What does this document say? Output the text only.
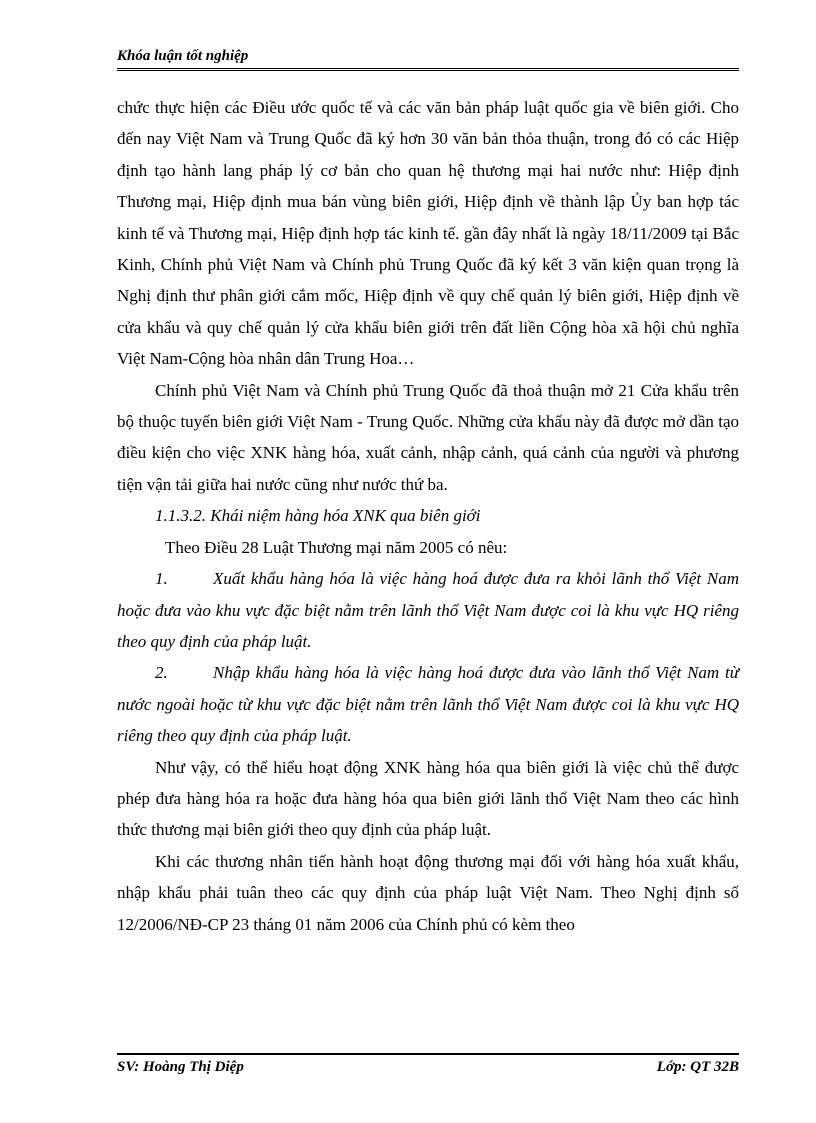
Khóa luận tốt nghiệp

chức thực hiện các Điều ước quốc tế và các văn bản pháp luật quốc gia về biên giới. Cho đến nay Việt Nam và Trung Quốc đã ký hơn 30 văn bản thỏa thuận, trong đó có các Hiệp định tạo hành lang pháp lý cơ bản cho quan hệ thương mại hai nước như: Hiệp định Thương mại, Hiệp định mua bán vùng biên giới, Hiệp định về thành lập Ủy ban hợp tác kinh tế và Thương mại, Hiệp định hợp tác kinh tế. gần đây nhất là ngày 18/11/2009 tại Bắc Kinh, Chính phủ Việt Nam và Chính phủ Trung Quốc đã ký kết 3 văn kiện quan trọng là Nghị định thư phân giới cắm mốc, Hiệp định về quy chế quản lý biên giới, Hiệp định về cửa khẩu và quy chế quản lý cửa khẩu biên giới trên đất liền Cộng hòa xã hội chủ nghĩa Việt Nam-Cộng hòa nhân dân Trung Hoa…

Chính phủ Việt Nam và Chính phủ Trung Quốc đã thoả thuận mở 21 Cửa khẩu trên bộ thuộc tuyến biên giới Việt Nam - Trung Quốc. Những cửa khẩu này đã được mở dần tạo điều kiện cho việc XNK hàng hóa, xuất cảnh, nhập cảnh, quá cảnh của người và phương tiện vận tải giữa hai nước cũng như nước thứ ba.

1.1.3.2. Khái niệm hàng hóa XNK qua biên giới

Theo Điều 28 Luật Thương mại năm 2005 có nêu:

1.	Xuất khẩu hàng hóa là việc hàng hoá được đưa ra khỏi lãnh thổ Việt Nam hoặc đưa vào khu vực đặc biệt nằm trên lãnh thổ Việt Nam được coi là khu vực HQ riêng theo quy định của pháp luật.

2.	Nhập khẩu hàng hóa là việc hàng hoá được đưa vào lãnh thổ Việt Nam từ nước ngoài hoặc từ khu vực đặc biệt nằm trên lãnh thổ Việt Nam được coi là khu vực HQ riêng theo quy định của pháp luật.

Như vậy, có thể hiểu hoạt động XNK hàng hóa qua biên giới là việc chủ thể được phép đưa hàng hóa ra hoặc đưa hàng hóa qua biên giới lãnh thổ Việt Nam theo các hình thức thương mại biên giới theo quy định của pháp luật.

Khi các thương nhân tiến hành hoạt động thương mại đối với hàng hóa xuất khẩu, nhập khẩu phải tuân theo các quy định của pháp luật Việt Nam. Theo Nghị định số 12/2006/NĐ-CP 23 tháng 01 năm 2006 của Chính phủ có kèm theo

SV: Hoàng Thị Diệp	Lớp: QT 32B
